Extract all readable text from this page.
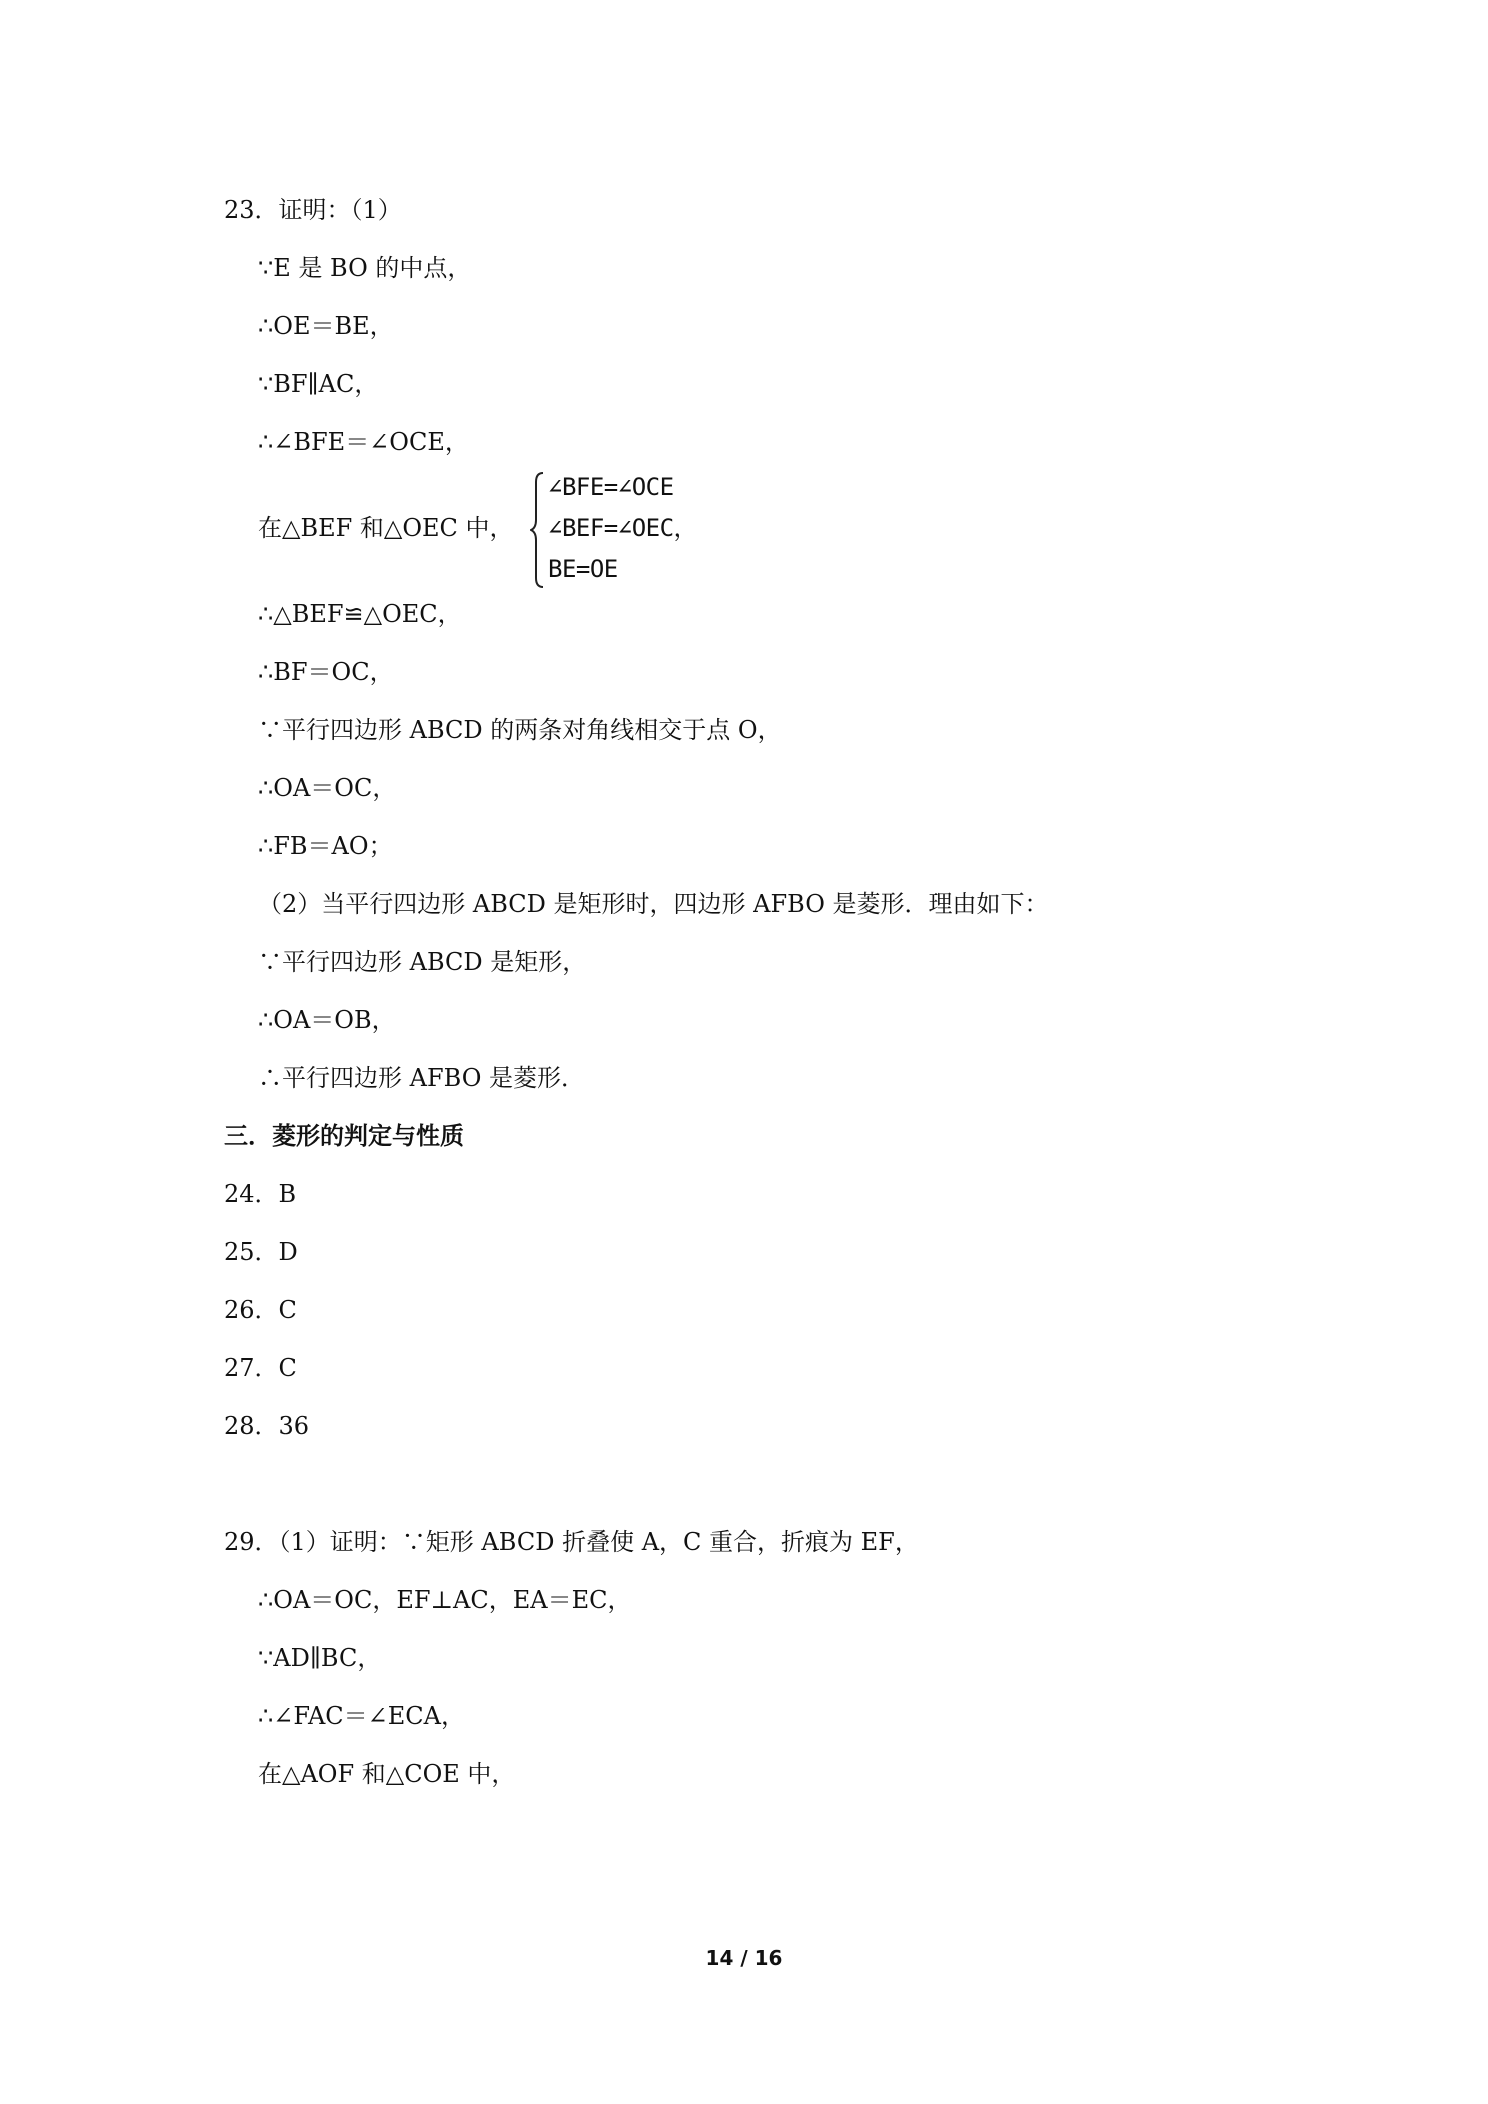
23．证明：（1）
∵E 是 BO 的中点，
∴OE＝BE，
∵BF∥AC，
∴∠BFE＝∠OCE，
在△BEF 和△OEC 中，
∠BFE=∠OCE
∠BEF=∠OEC，
BE=OE
∴△BEF≌△OEC，
∴BF＝OC，
∵平行四边形 ABCD 的两条对角线相交于点 O，
∴OA＝OC，
∴FB＝AO；
（2）当平行四边形 ABCD 是矩形时，四边形 AFBO 是菱形．理由如下：
∵平行四边形 ABCD 是矩形，
∴OA＝OB，
∴平行四边形 AFBO 是菱形．
三．菱形的判定与性质
24．B
25．D
26．C
27．C
28．36
29．（1）证明：∵矩形 ABCD 折叠使 A，C 重合，折痕为 EF，
∴OA＝OC，EF⊥AC，EA＝EC，
∵AD∥BC，
∴∠FAC＝∠ECA，
在△AOF 和△COE 中，
14 / 16
